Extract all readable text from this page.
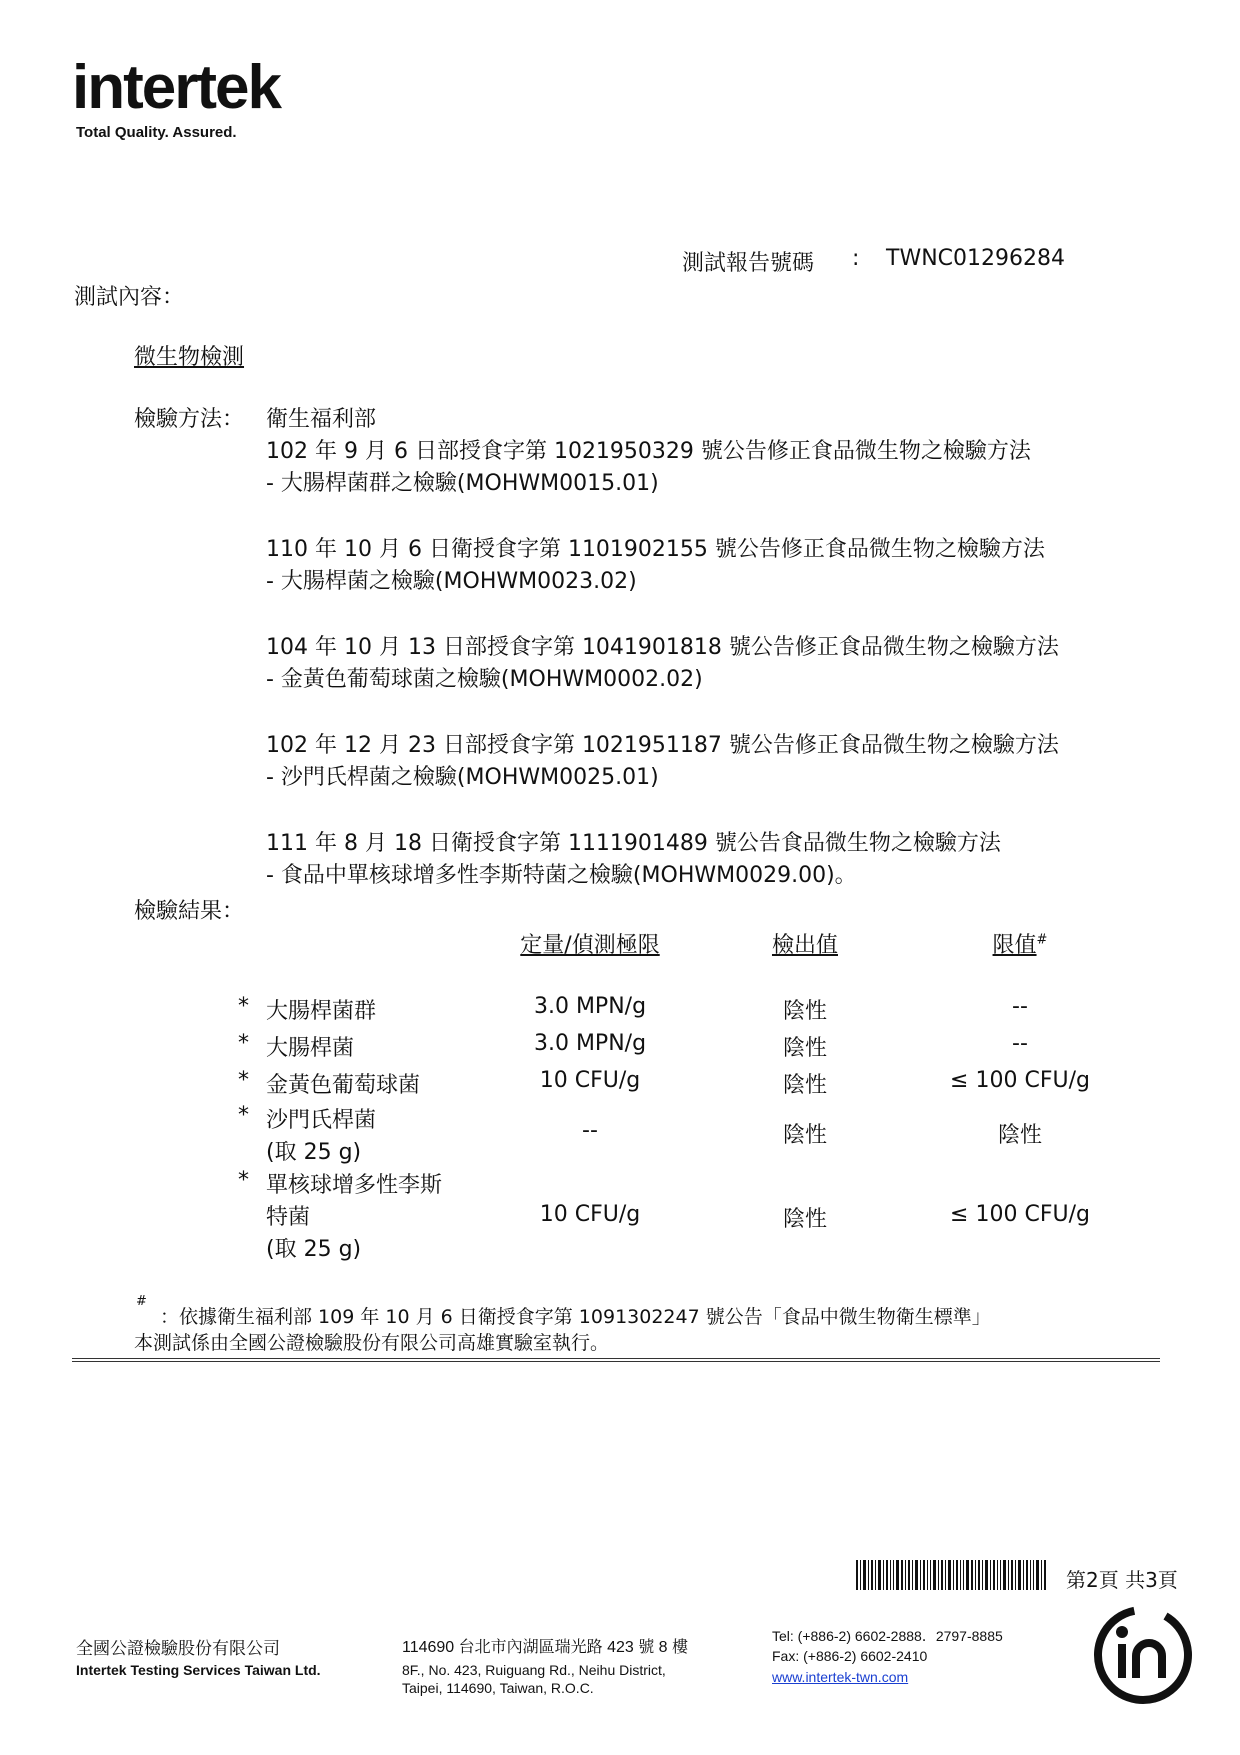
intertek
Total Quality. Assured.
測試報告號碼 : TWNC01296284
測試內容：
微生物檢測
檢驗方法： 衛生福利部
102 年 9 月 6 日部授食字第 1021950329 號公告修正食品微生物之檢驗方法
- 大腸桿菌群之檢驗(MOHWM0015.01)
110 年 10 月 6 日衛授食字第 1101902155 號公告修正食品微生物之檢驗方法
- 大腸桿菌之檢驗(MOHWM0023.02)
104 年 10 月 13 日部授食字第 1041901818 號公告修正食品微生物之檢驗方法
- 金黃色葡萄球菌之檢驗(MOHWM0002.02)
102 年 12 月 23 日部授食字第 1021951187 號公告修正食品微生物之檢驗方法
- 沙門氏桿菌之檢驗(MOHWM0025.01)
111 年 8 月 18 日衛授食字第 1111901489 號公告食品微生物之檢驗方法
- 食品中單核球增多性李斯特菌之檢驗(MOHWM0029.00)。
檢驗結果：
定量/偵測極限	檢出值	限值#
* 大腸桿菌群	3.0 MPN/g	陰性	--
* 大腸桿菌	3.0 MPN/g	陰性	--
* 金黃色葡萄球菌	10 CFU/g	陰性	≤ 100 CFU/g
* 沙門氏桿菌
(取 25 g)
--	陰性	陰性
* 單核球增多性李斯
特菌
(取 25 g)
10 CFU/g	陰性	≤ 100 CFU/g
#
：依據衛生福利部 109 年 10 月 6 日衛授食字第 1091302247 號公告「食品中微生物衛生標準」
本測試係由全國公證檢驗股份有限公司高雄實驗室執行。
第2頁 共3頁
全國公證檢驗股份有限公司
Intertek Testing Services Taiwan Ltd.
114690 台北市內湖區瑞光路 423 號 8 樓
8F., No. 423, Ruiguang Rd., Neihu District,
Taipei, 114690, Taiwan, R.O.C.
Tel: (+886-2) 6602-2888．2797-8885
Fax: (+886-2) 6602-2410
www.intertek-twn.com
